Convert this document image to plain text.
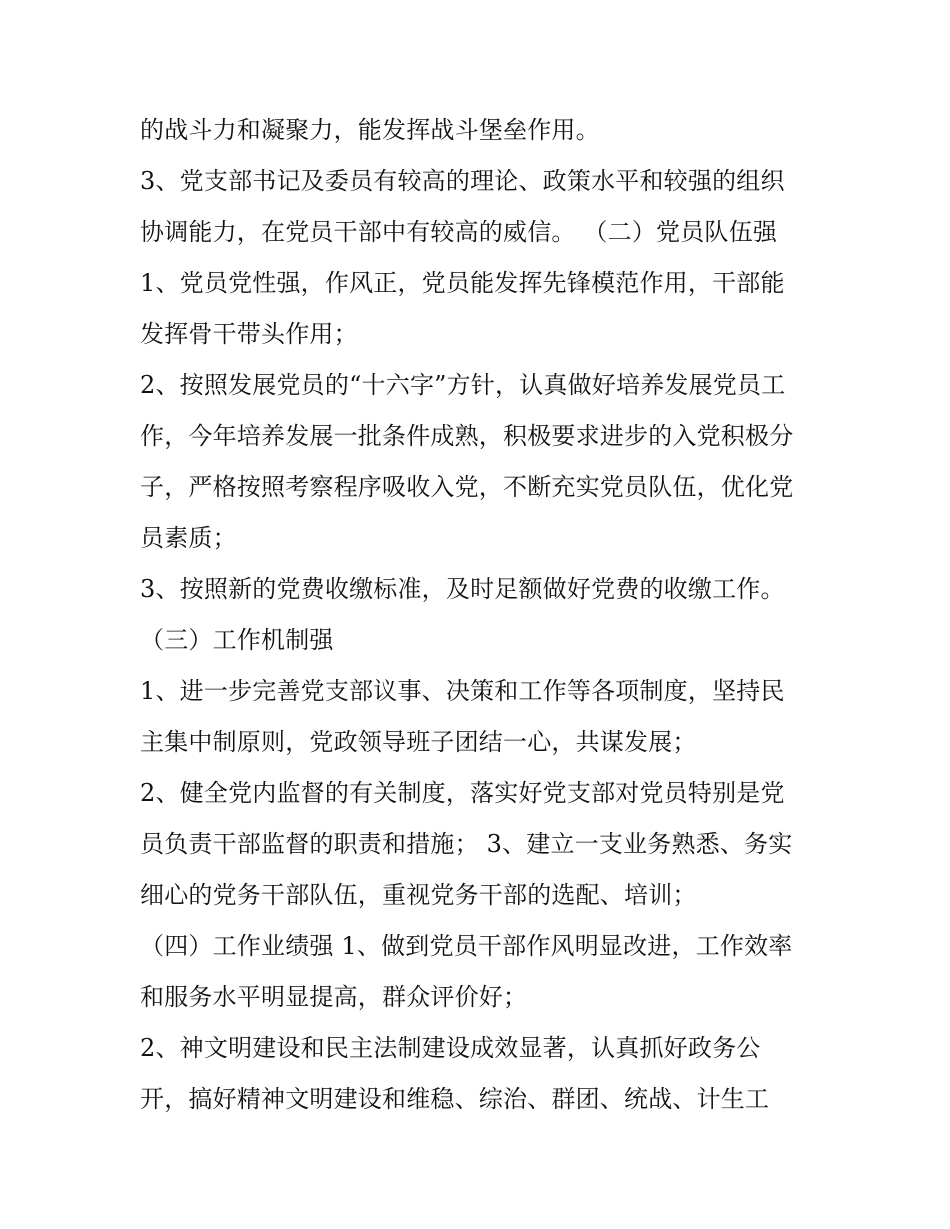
的战斗力和凝聚力，能发挥战斗堡垒作用。
3、党支部书记及委员有较高的理论、政策水平和较强的组织
协调能力，在党员干部中有较高的威信。 （二）党员队伍强
1、党员党性强，作风正，党员能发挥先锋模范作用，干部能
发挥骨干带头作用；
2、按照发展党员的“十六字”方针，认真做好培养发展党员工
作，今年培养发展一批条件成熟，积极要求进步的入党积极分
子，严格按照考察程序吸收入党，不断充实党员队伍，优化党
员素质；
3、按照新的党费收缴标准，及时足额做好党费的收缴工作。
（三）工作机制强
1、进一步完善党支部议事、决策和工作等各项制度，坚持民
主集中制原则，党政领导班子团结一心，共谋发展；
2、健全党内监督的有关制度，落实好党支部对党员特别是党
员负责干部监督的职责和措施； 3、建立一支业务熟悉、务实
细心的党务干部队伍，重视党务干部的选配、培训；
（四）工作业绩强 1、做到党员干部作风明显改进，工作效率
和服务水平明显提高，群众评价好；
2、神文明建设和民主法制建设成效显著，认真抓好政务公
开，搞好精神文明建设和维稳、综治、群团、统战、计生工
